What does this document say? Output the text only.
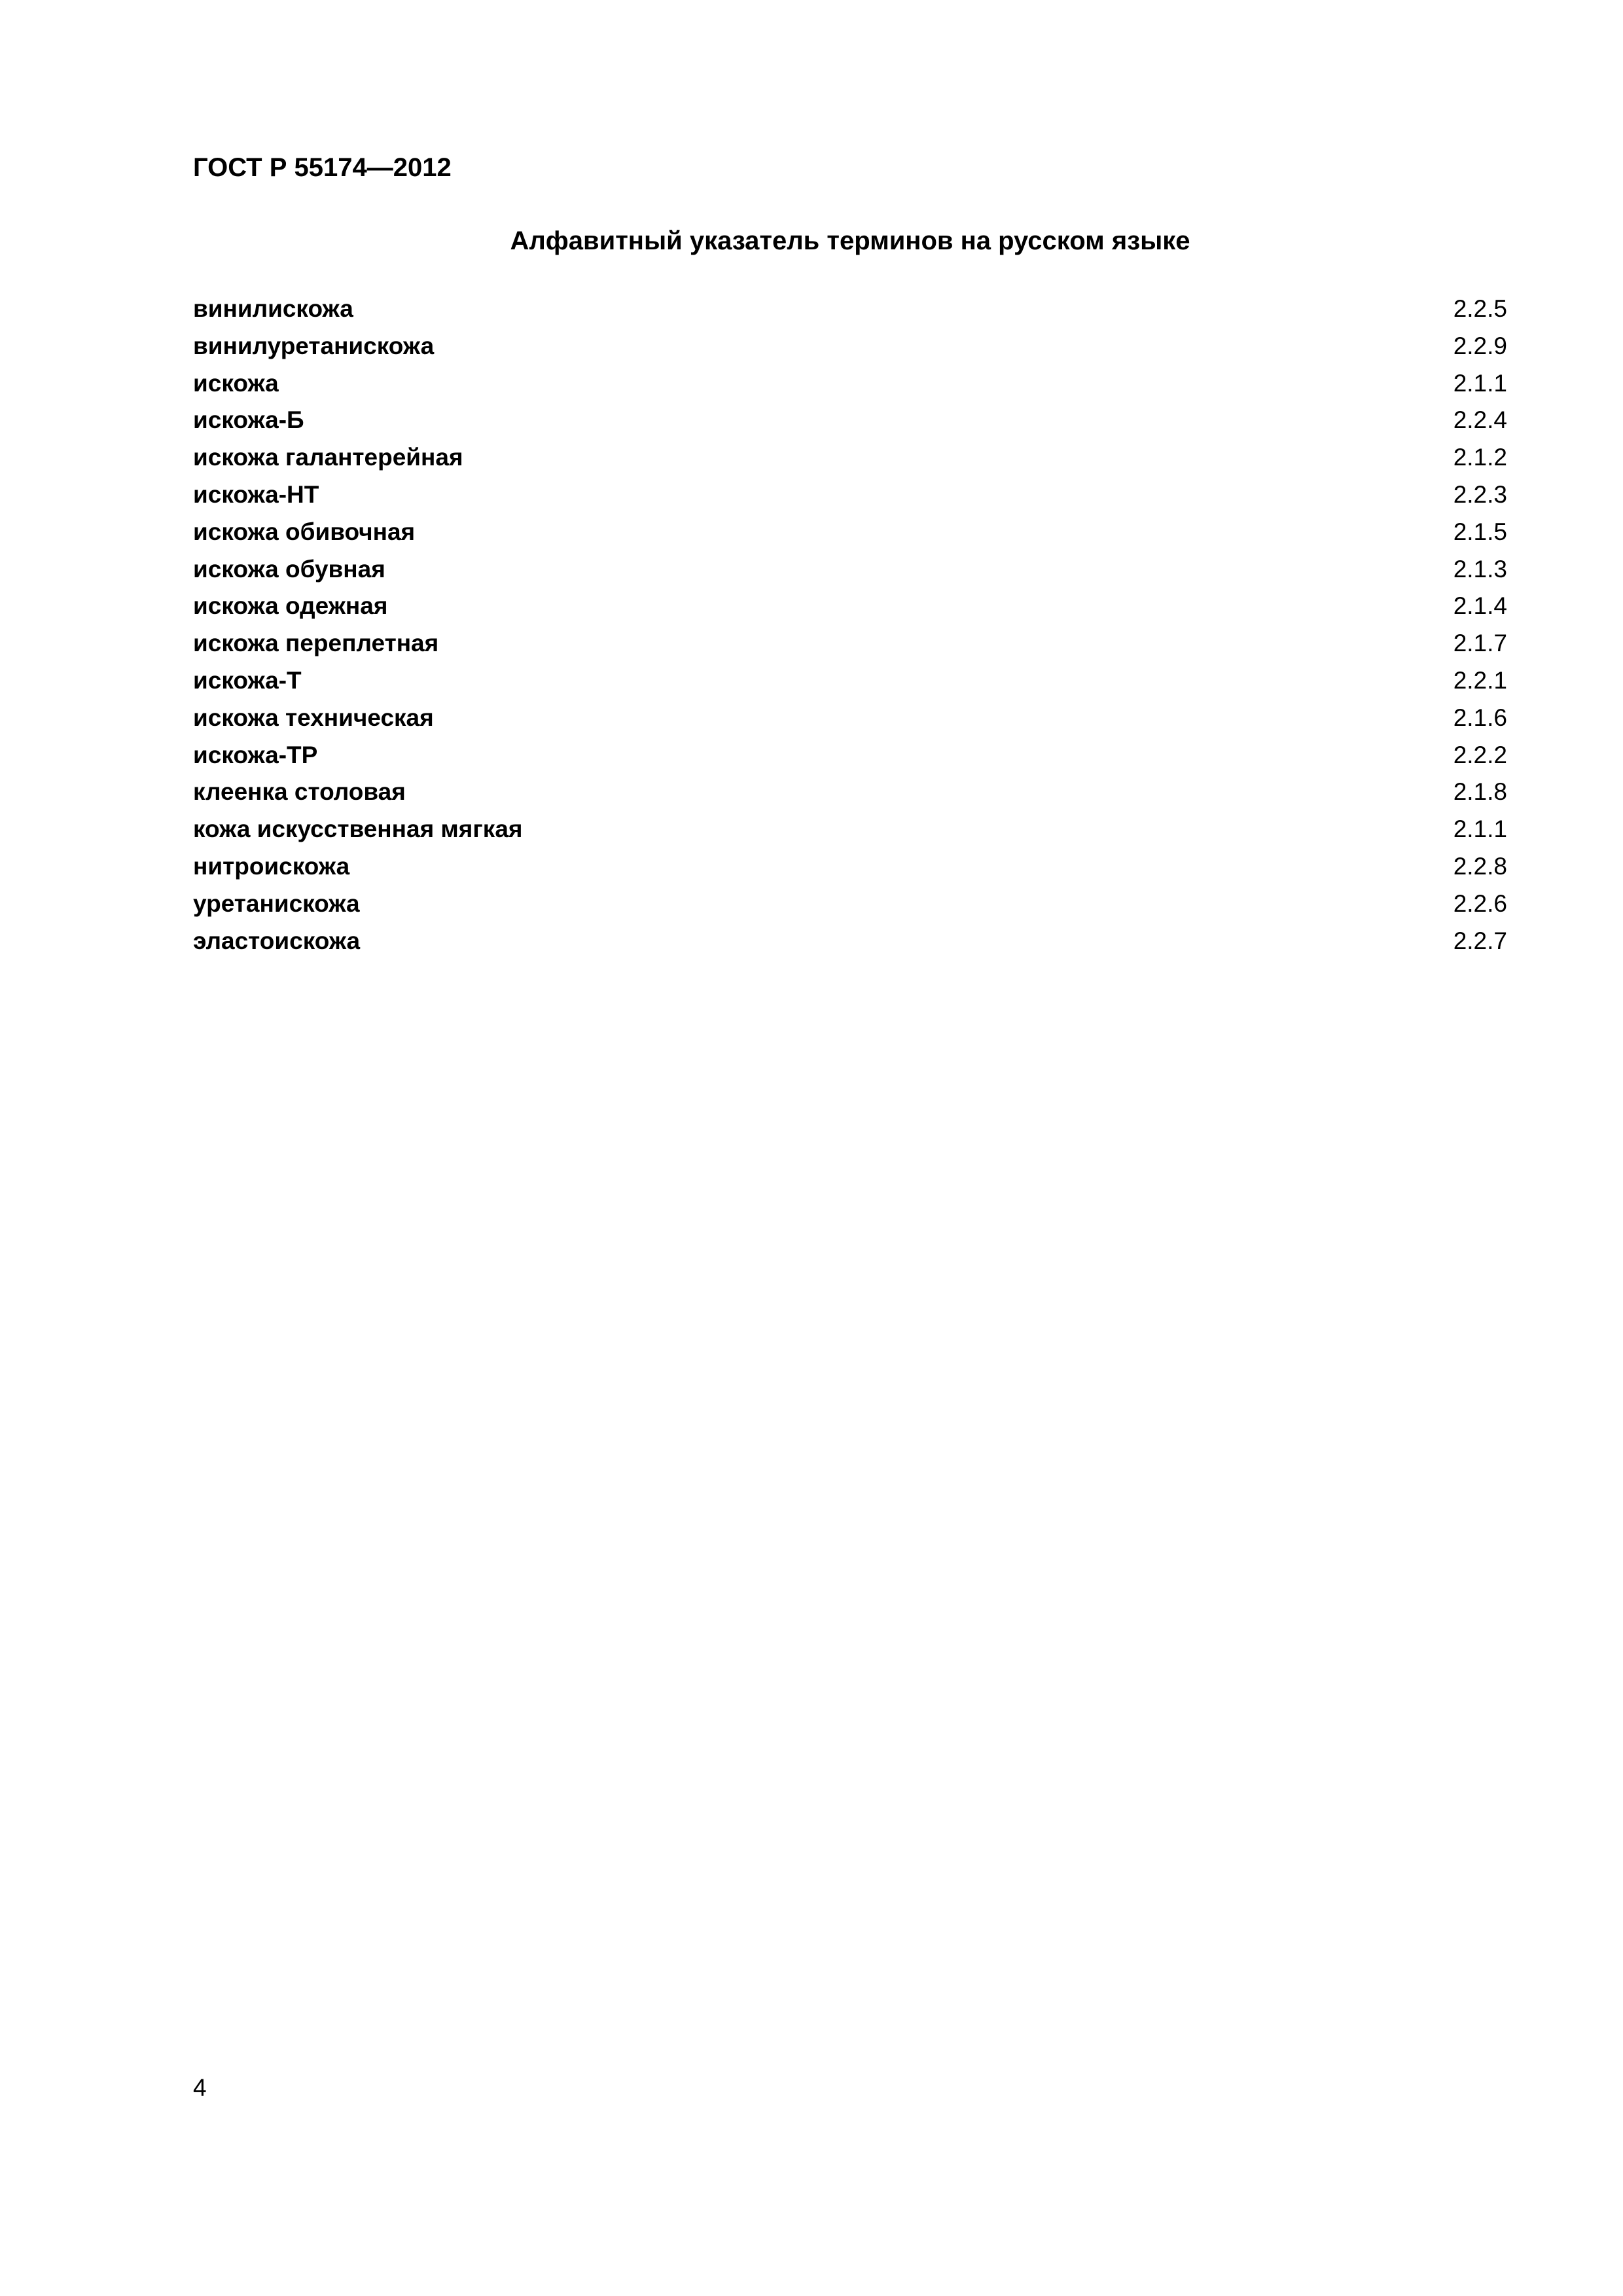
ГОСТ Р 55174—2012
Алфавитный указатель терминов на русском языке
винилискожа	2.2.5
винилуретанискожа	2.2.9
искожа	2.1.1
искожа-Б	2.2.4
искожа галантерейная	2.1.2
искожа-НТ	2.2.3
искожа обивочная	2.1.5
искожа обувная	2.1.3
искожа одежная	2.1.4
искожа переплетная	2.1.7
искожа-Т	2.2.1
искожа техническая	2.1.6
искожа-ТР	2.2.2
клеенка столовая	2.1.8
кожа искусственная мягкая	2.1.1
нитроискожа	2.2.8
уретанискожа	2.2.6
эластоискожа	2.2.7
4
